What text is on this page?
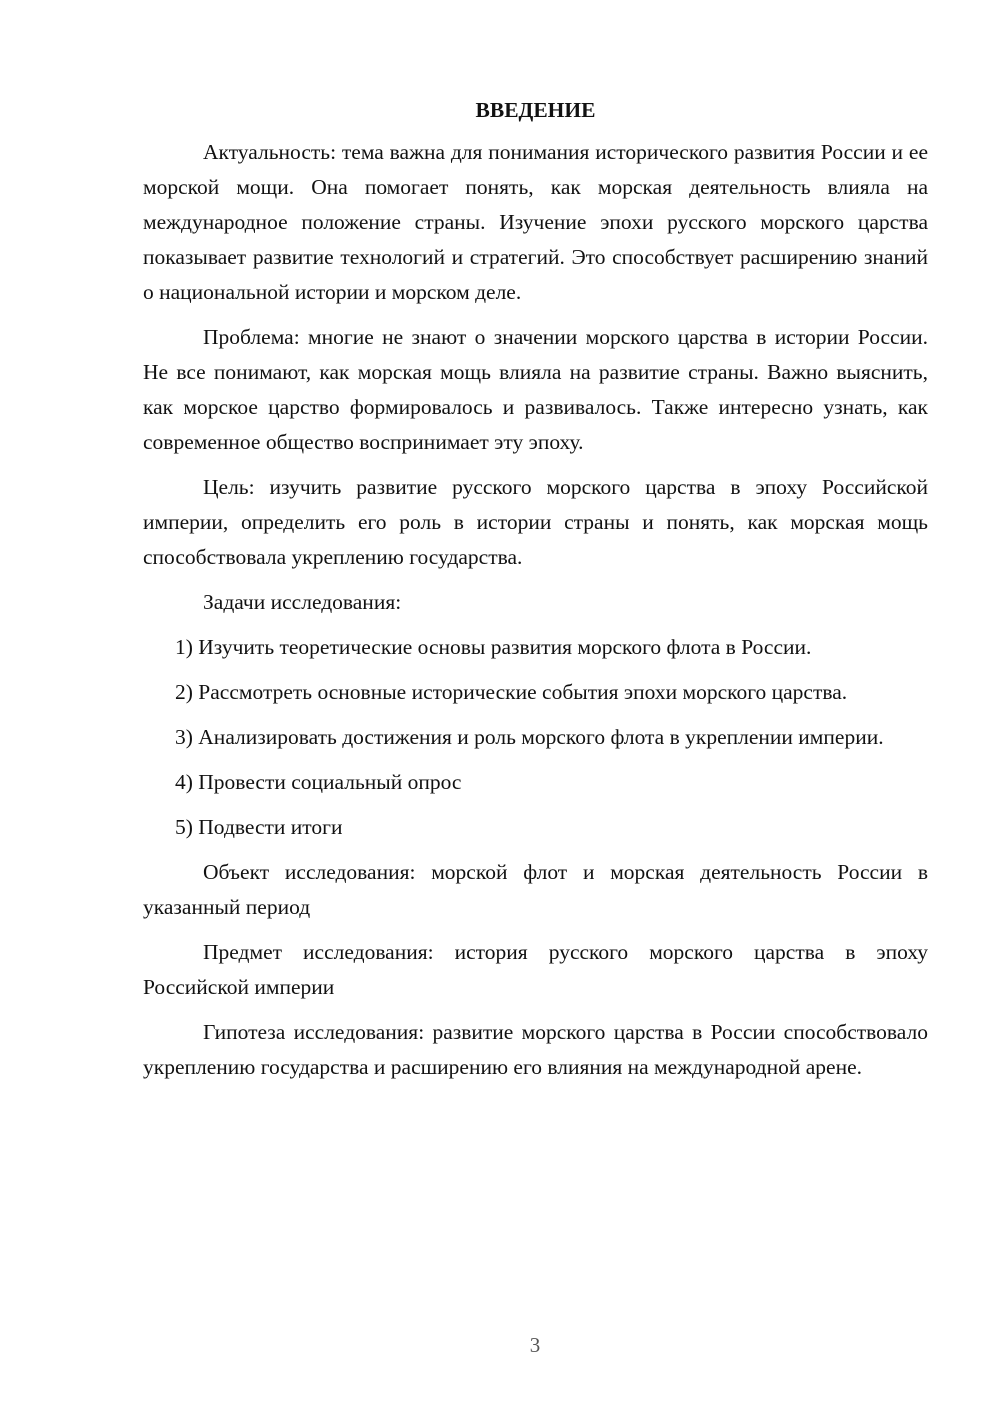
ВВЕДЕНИЕ

Актуальность: тема важна для понимания исторического развития России и ее морской мощи. Она помогает понять, как морская деятельность влияла на международное положение страны. Изучение эпохи русского морского царства показывает развитие технологий и стратегий. Это способствует расширению знаний о национальной истории и морском деле.

Проблема: многие не знают о значении морского царства в истории России. Не все понимают, как морская мощь влияла на развитие страны. Важно выяснить, как морское царство формировалось и развивалось. Также интересно узнать, как современное общество воспринимает эту эпоху.

Цель: изучить развитие русского морского царства в эпоху Российской империи, определить его роль в истории страны и понять, как морская мощь способствовала укреплению государства.

Задачи исследования:

1) Изучить теоретические основы развития морского флота в России.

2) Рассмотреть основные исторические события эпохи морского царства.

3) Анализировать достижения и роль морского флота в укреплении империи.

4) Провести социальный опрос

5) Подвести итоги

Объект исследования: морской флот и морская деятельность России в указанный период

Предмет исследования: история русского морского царства в эпоху Российской империи

Гипотеза исследования: развитие морского царства в России способствовало укреплению государства и расширению его влияния на международной арене.

3
